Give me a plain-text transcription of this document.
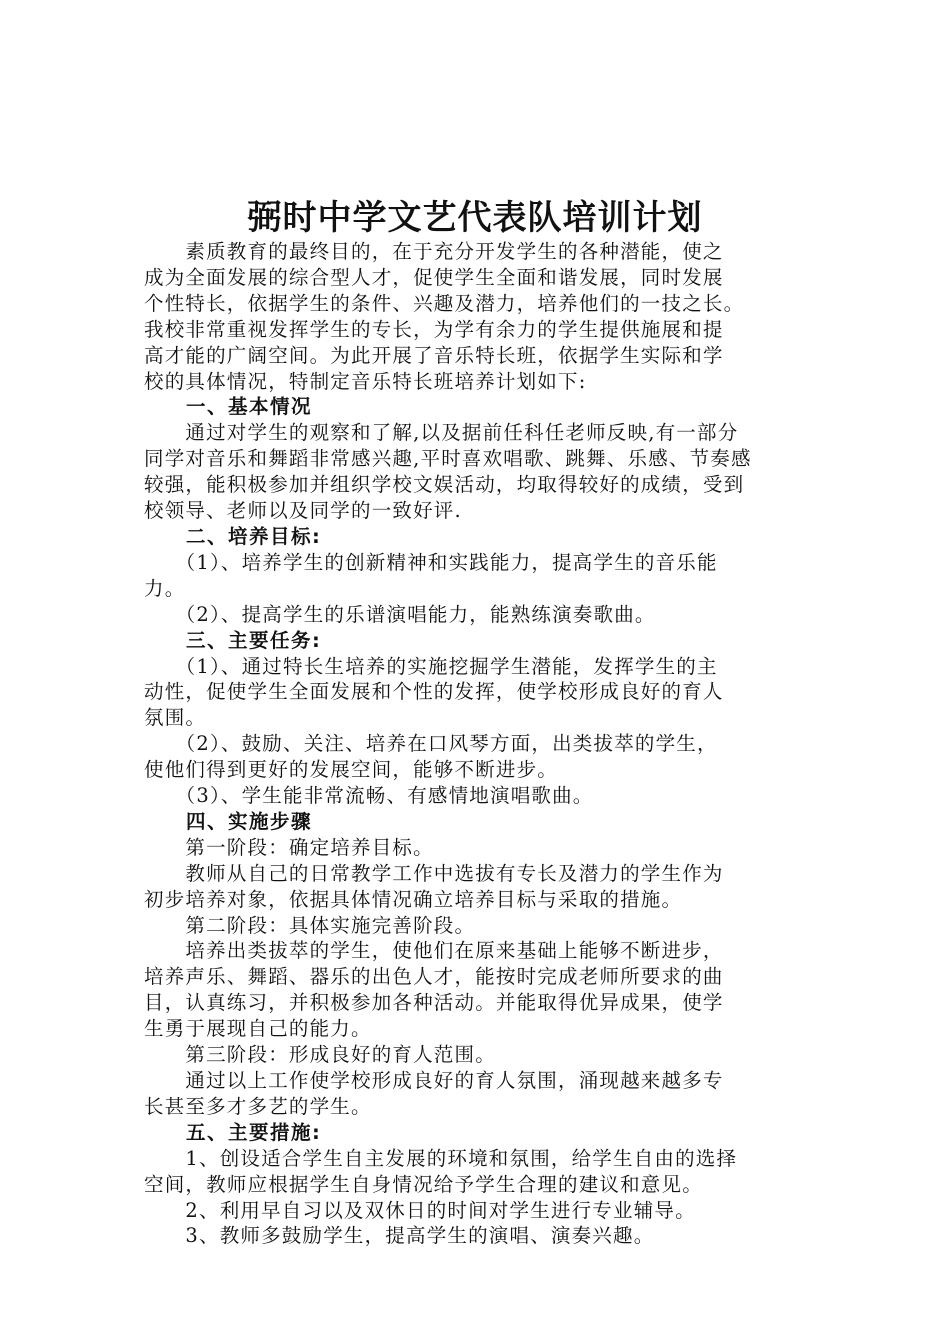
弼时中学文艺代表队培训计划

　　素质教育的最终目的，在于充分开发学生的各种潜能，使之

成为全面发展的综合型人才，促使学生全面和谐发展，同时发展

个性特长，依据学生的条件、兴趣及潜力，培养他们的一技之长。

我校非常重视发挥学生的专长，为学有余力的学生提供施展和提

高才能的广阔空间。为此开展了音乐特长班，依据学生实际和学

校的具体情况，特制定音乐特长班培养计划如下:

　　一、基本情况

　　通过对学生的观察和了解,以及据前任科任老师反映,有一部分

同学对音乐和舞蹈非常感兴趣,平时喜欢唱歌、跳舞、乐感、节奏感

较强，能积极参加并组织学校文娱活动，均取得较好的成绩，受到

校领导、老师以及同学的一致好评.

　　二、培养目标:

　　（1）、培养学生的创新精神和实践能力，提高学生的音乐能

力。

　　（2）、提高学生的乐谱演唱能力，能熟练演奏歌曲。

　　三、主要任务:

　　（1）、通过特长生培养的实施挖掘学生潜能，发挥学生的主

动性，促使学生全面发展和个性的发挥，使学校形成良好的育人

氛围。

　　（2）、鼓励、关注、培养在口风琴方面，出类拔萃的学生，

使他们得到更好的发展空间，能够不断进步。

　　（3）、学生能非常流畅、有感情地演唱歌曲。

　　四、实施步骤

　　第一阶段：确定培养目标。

　　教师从自己的日常教学工作中选拔有专长及潜力的学生作为

初步培养对象，依据具体情况确立培养目标与采取的措施。

　　第二阶段：具体实施完善阶段。

　　培养出类拔萃的学生，使他们在原来基础上能够不断进步，

培养声乐、舞蹈、器乐的出色人才，能按时完成老师所要求的曲

目，认真练习，并积极参加各种活动。并能取得优异成果，使学

生勇于展现自己的能力。

　　第三阶段：形成良好的育人范围。

　　通过以上工作使学校形成良好的育人氛围，涌现越来越多专

长甚至多才多艺的学生。

　　五、主要措施:

　　1、创设适合学生自主发展的环境和氛围，给学生自由的选择

空间，教师应根据学生自身情况给予学生合理的建议和意见。

　　2、利用早自习以及双休日的时间对学生进行专业辅导。

　　3、教师多鼓励学生，提高学生的演唱、演奏兴趣。
